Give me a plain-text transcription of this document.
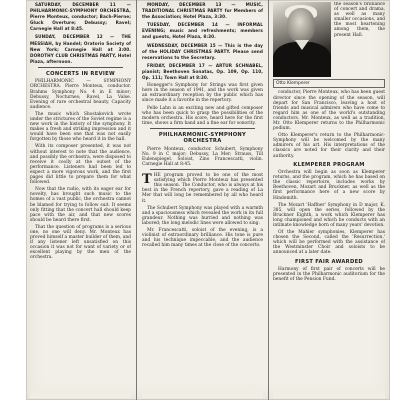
SATURDAY, DECEMBER 11 — PHILHARMONIC-SYMPHONY ORCHESTRA, Pierre Monteux, conductor; Bach-Pierne; Gluck Overture; Debussy; Ravel; Carnegie Hall at 8:45.

SUNDAY, DECEMBER 12 — THE MESSIAH, by Handel; Oratorio Society of New York; Carnegie Hall at 3:00. DOROTHY CLUB CHRISTMAS PARTY, Hotel Plaza, afternoon.

CONCERTS IN REVIEW

PHILHARMONIC — SYMPHONY ORCHESTRA. Pierre Monteux, conductor. Brahms Symphony No. 4 in E minor; Debussy, Nocturnes; Ravel, La Valse. Evening of rare orchestral beauty. Capacity audience.

The music which Shostakovich wrote under the strictures of the Soviet regime is a new work in the history of the symphony. It makes a fresh and striking impression and it would have been one that was not easily forgotten by those who heard it in the hall.

With its composer presented, it was not without interest to note that the audience, and possibly the orchestra, were disposed to receive it coolly at the outset of the performance. Listeners had been led to expect a more vigorous work, and the first pages did little to prepare them for what followed.

Now that the radio, with its eager ear for novelty, has brought such music to the homes of a vast public, the orchestra cannot be blamed for trying to follow suit. It seems only fitting that the concert hall should keep pace with the air, and that new scores should be heard there first.

That the question of programs is a serious one, no one will deny. Mr. Monteux has proved himself a master builder of them, and if any listener left unsatisfied on this occasion it was not for want of variety or of excellent playing by the men of the orchestra.

MONDAY, DECEMBER 13 — MUSIC, TRADITIONAL CHRISTMAS PARTY for Members of the Association; Hotel Plaza, 3:30.

TUESDAY, DECEMBER 14 — INFORMAL EVENING; music and refreshments; members and guests, Hotel Plaza, 8:30.

WEDNESDAY, DECEMBER 15 — This is the day of the HOLIDAY CHRISTMAS PARTY. Please send reservations to the Secretary.

FRIDAY, DECEMBER 17 — ARTUR SCHNABEL, pianist; Beethoven Sonatas, Op. 109, Op. 110, Op. 111; Town Hall at 8:30.

Honegger's Symphony for Strings was first given here in the season of 1941, and the work was given an extraordinary reception by the public which has since made it a favorite in the repertory.

Pelle Lahn is an exciting new and gifted composer who has been quick to grasp the possibilities of the modern orchestra. His score, heard here for the first time, shows a firm hand and a fine ear for sonority.

PHILHARMONIC-SYMPHONY ORCHESTRA

Pierre Monteux, conductor. Schubert, Symphony No. 9 in C major; Debussy, La Mer; Strauss, Till Eulenspiegel. Soloist, Zino Francescatti, violin. Carnegie Hall at 8:45.

THE program proved to be one of the most satisfying which Pierre Monteux has presented this season. The Conductor, who is always at his best in the French repertory, gave a reading of La Mer that will long be remembered by all who heard it.

The Schubert Symphony was played with a warmth and a spaciousness which revealed the work in its full grandeur. Nothing was hurried and nothing was labored; the long melodic lines were allowed to sing.

Mr. Francescatti, soloist of the evening, is a violinist of extraordinary brilliance. His tone is pure and his technique impeccable, and the audience recalled him many times at the close of the concerto.

the season's brilliance of concert and drama, as well as many smaller occasions, and the most heartening among them, the present Hall.

Otto Klemperer

conductor, Pierre Monteux, who has been guest director since the opening of the season, will depart for San Francisco, leaving a host of friends and musical admirers who have come to regard him as one of the world's outstanding conductors. Mr. Monteux, as well as a tradition, Mr. Otto Klemperer returns to the Philharmonic podium.

Otto Klemperer's return to the Philharmonic-Symphony will be welcomed by the many admirers of his art. His interpretations of the classics are noted for their clarity and their authority.

KLEMPERER PROGRAM

Orchestra will begin as soon as Klemperer returns, and the program, which he has based on the classic repertoire, includes works by Beethoven, Mozart and Bruckner, as well as the first performance here of a new score by Hindemith.

The Mozart 'Haffner' Symphony in D major, K. 385, will open the series, followed by the Bruckner Eighth, a work which Klemperer has long championed and which he conducts with an intimate knowledge born of many years' devotion.

Of the Mahler symphonies, Klemperer has chosen the Second, called the 'Resurrection,' which will be performed with the assistance of the Westminster Choir and soloists to be announced at a later date.

FIRST FAIR AWARDED

Harmony of first pair of concerts will be presented in the Philharmonic auditorium for the benefit of the Pension Fund.
